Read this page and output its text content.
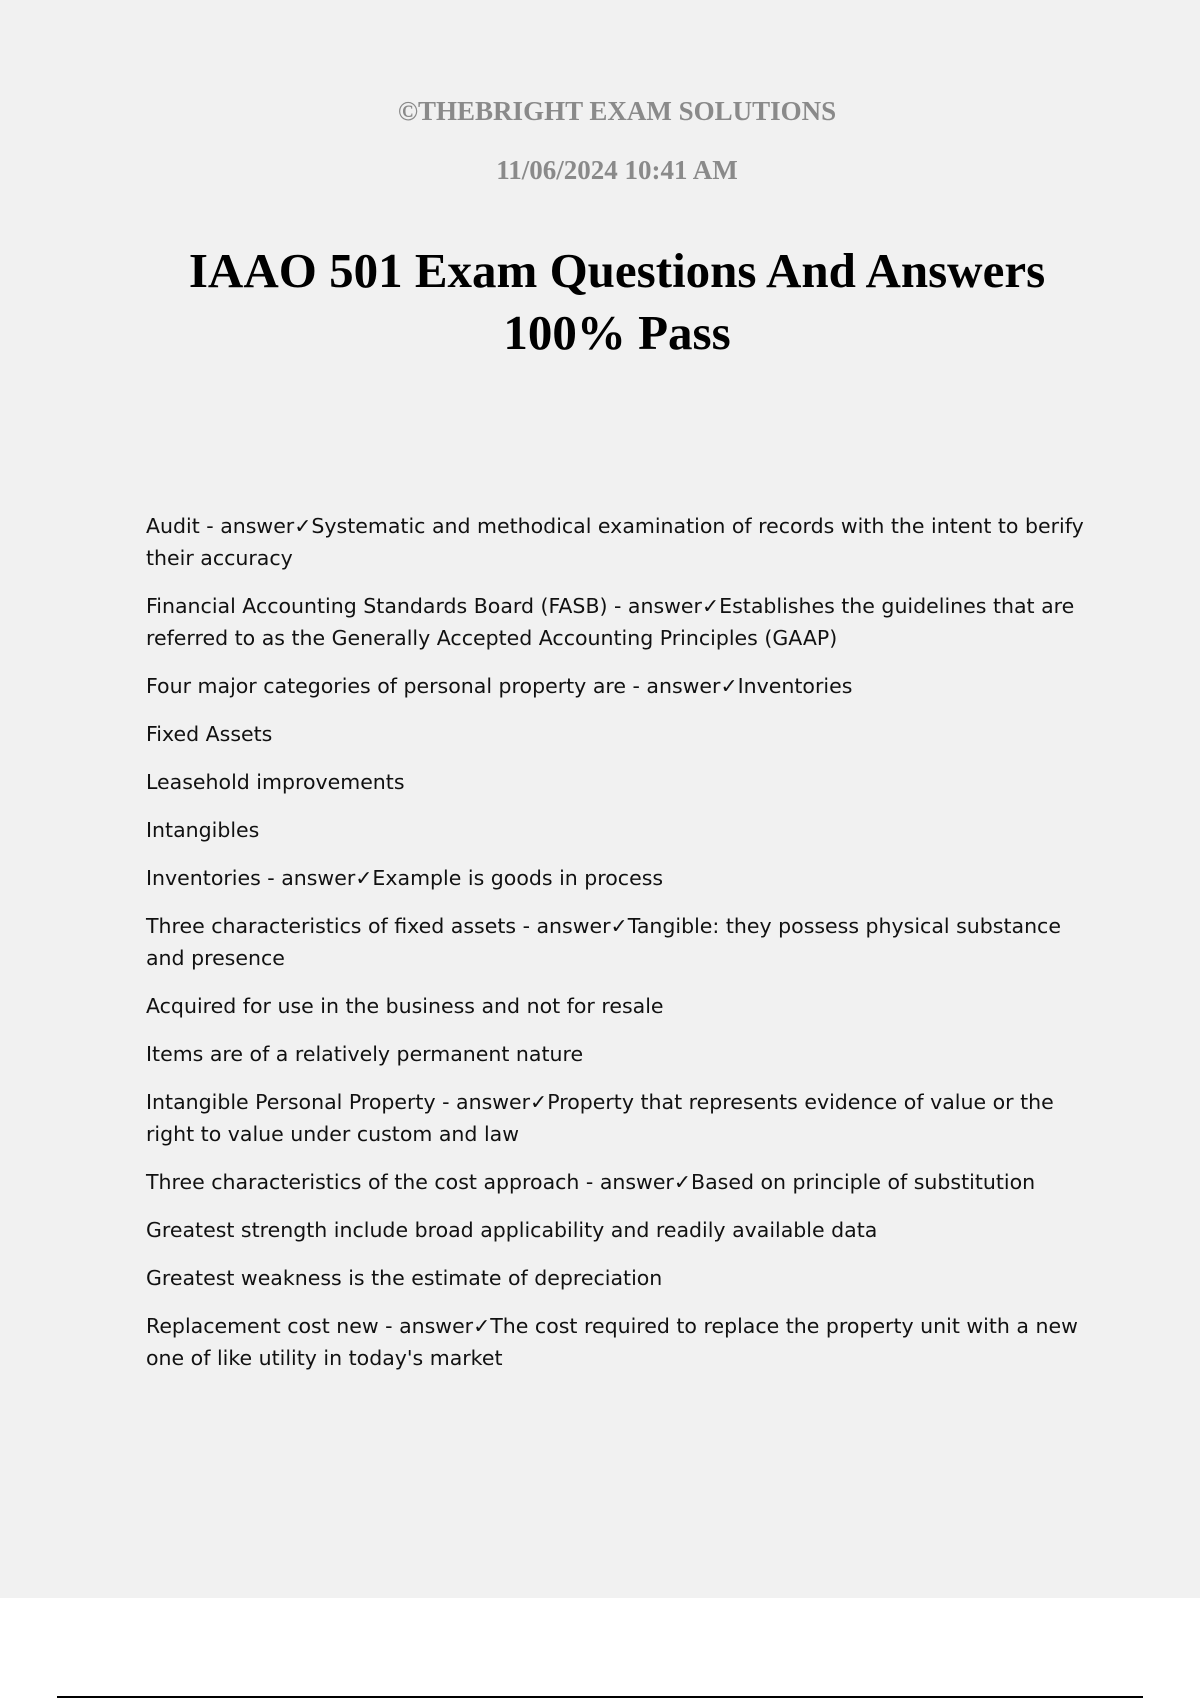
©THEBRIGHT EXAM SOLUTIONS
11/06/2024 10:41 AM
IAAO 501 Exam Questions And Answers
100% Pass
Audit - answer✓Systematic and methodical examination of records with the intent to berify their accuracy
Financial Accounting Standards Board (FASB) - answer✓Establishes the guidelines that are referred to as the Generally Accepted Accounting Principles (GAAP)
Four major categories of personal property are - answer✓Inventories
Fixed Assets
Leasehold improvements
Intangibles
Inventories - answer✓Example is goods in process
Three characteristics of fixed assets - answer✓Tangible: they possess physical substance and presence
Acquired for use in the business and not for resale
Items are of a relatively permanent nature
Intangible Personal Property - answer✓Property that represents evidence of value or the right to value under custom and law
Three characteristics of the cost approach - answer✓Based on principle of substitution
Greatest strength include broad applicability and readily available data
Greatest weakness is the estimate of depreciation
Replacement cost new - answer✓The cost required to replace the property unit with a new one of like utility in today's market
